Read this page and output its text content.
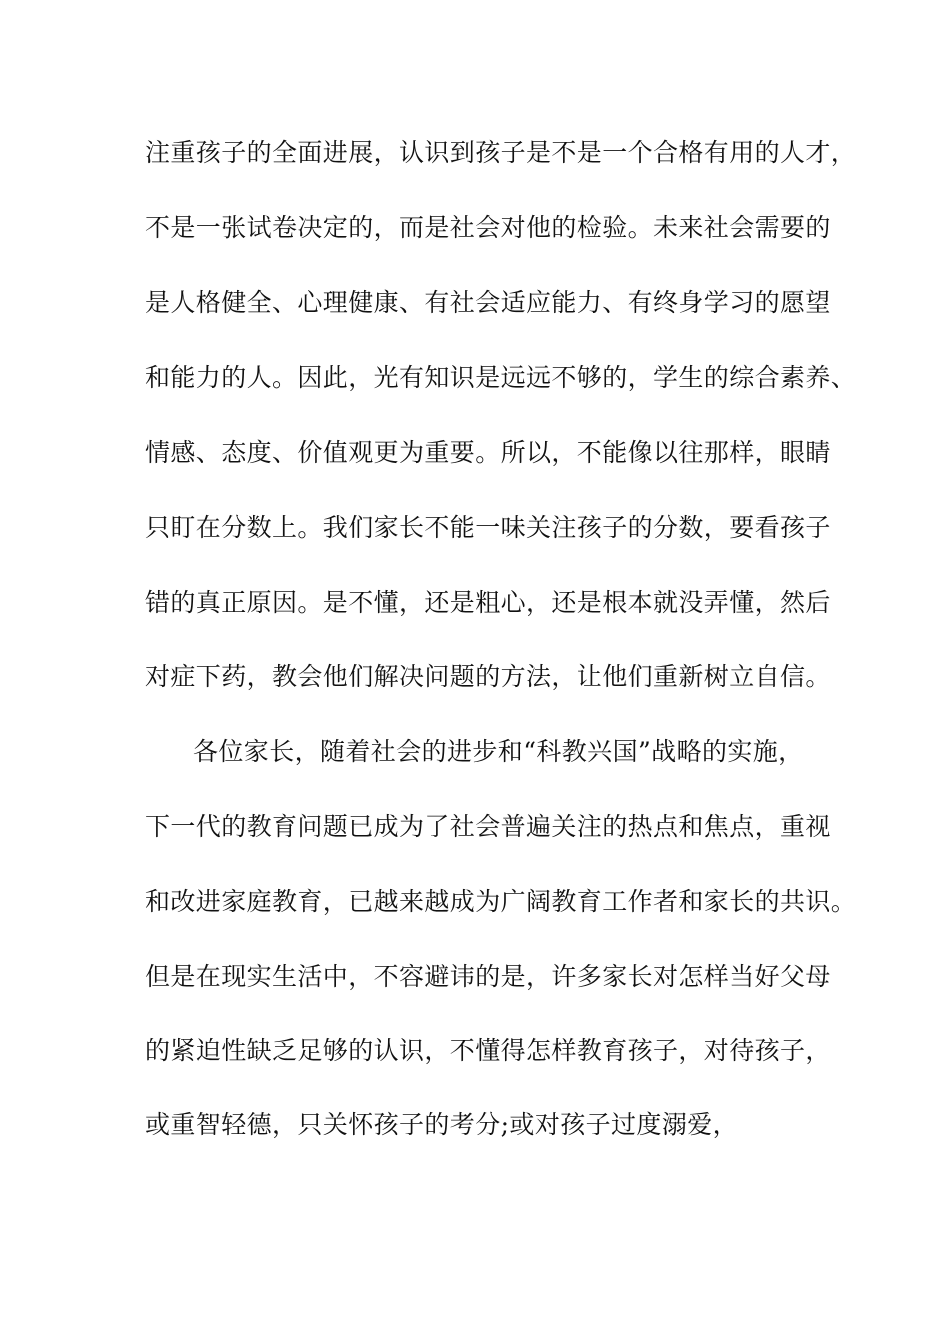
注重孩子的全面进展，认识到孩子是不是一个合格有用的人才，
不是一张试卷决定的，而是社会对他的检验。未来社会需要的
是人格健全、心理健康、有社会适应能力、有终身学习的愿望
和能力的人。因此，光有知识是远远不够的，学生的综合素养、
情感、态度、价值观更为重要。所以，不能像以往那样，眼睛
只盯在分数上。我们家长不能一味关注孩子的分数，要看孩子
错的真正原因。是不懂，还是粗心，还是根本就没弄懂，然后
对症下药，教会他们解决问题的方法，让他们重新树立自信。
各位家长，随着社会的进步和“科教兴国”战略的实施，
下一代的教育问题已成为了社会普遍关注的热点和焦点，重视
和改进家庭教育，已越来越成为广阔教育工作者和家长的共识。
但是在现实生活中，不容避讳的是，许多家长对怎样当好父母
的紧迫性缺乏足够的认识，不懂得怎样教育孩子，对待孩子，
或重智轻德，只关怀孩子的考分;或对孩子过度溺爱，
